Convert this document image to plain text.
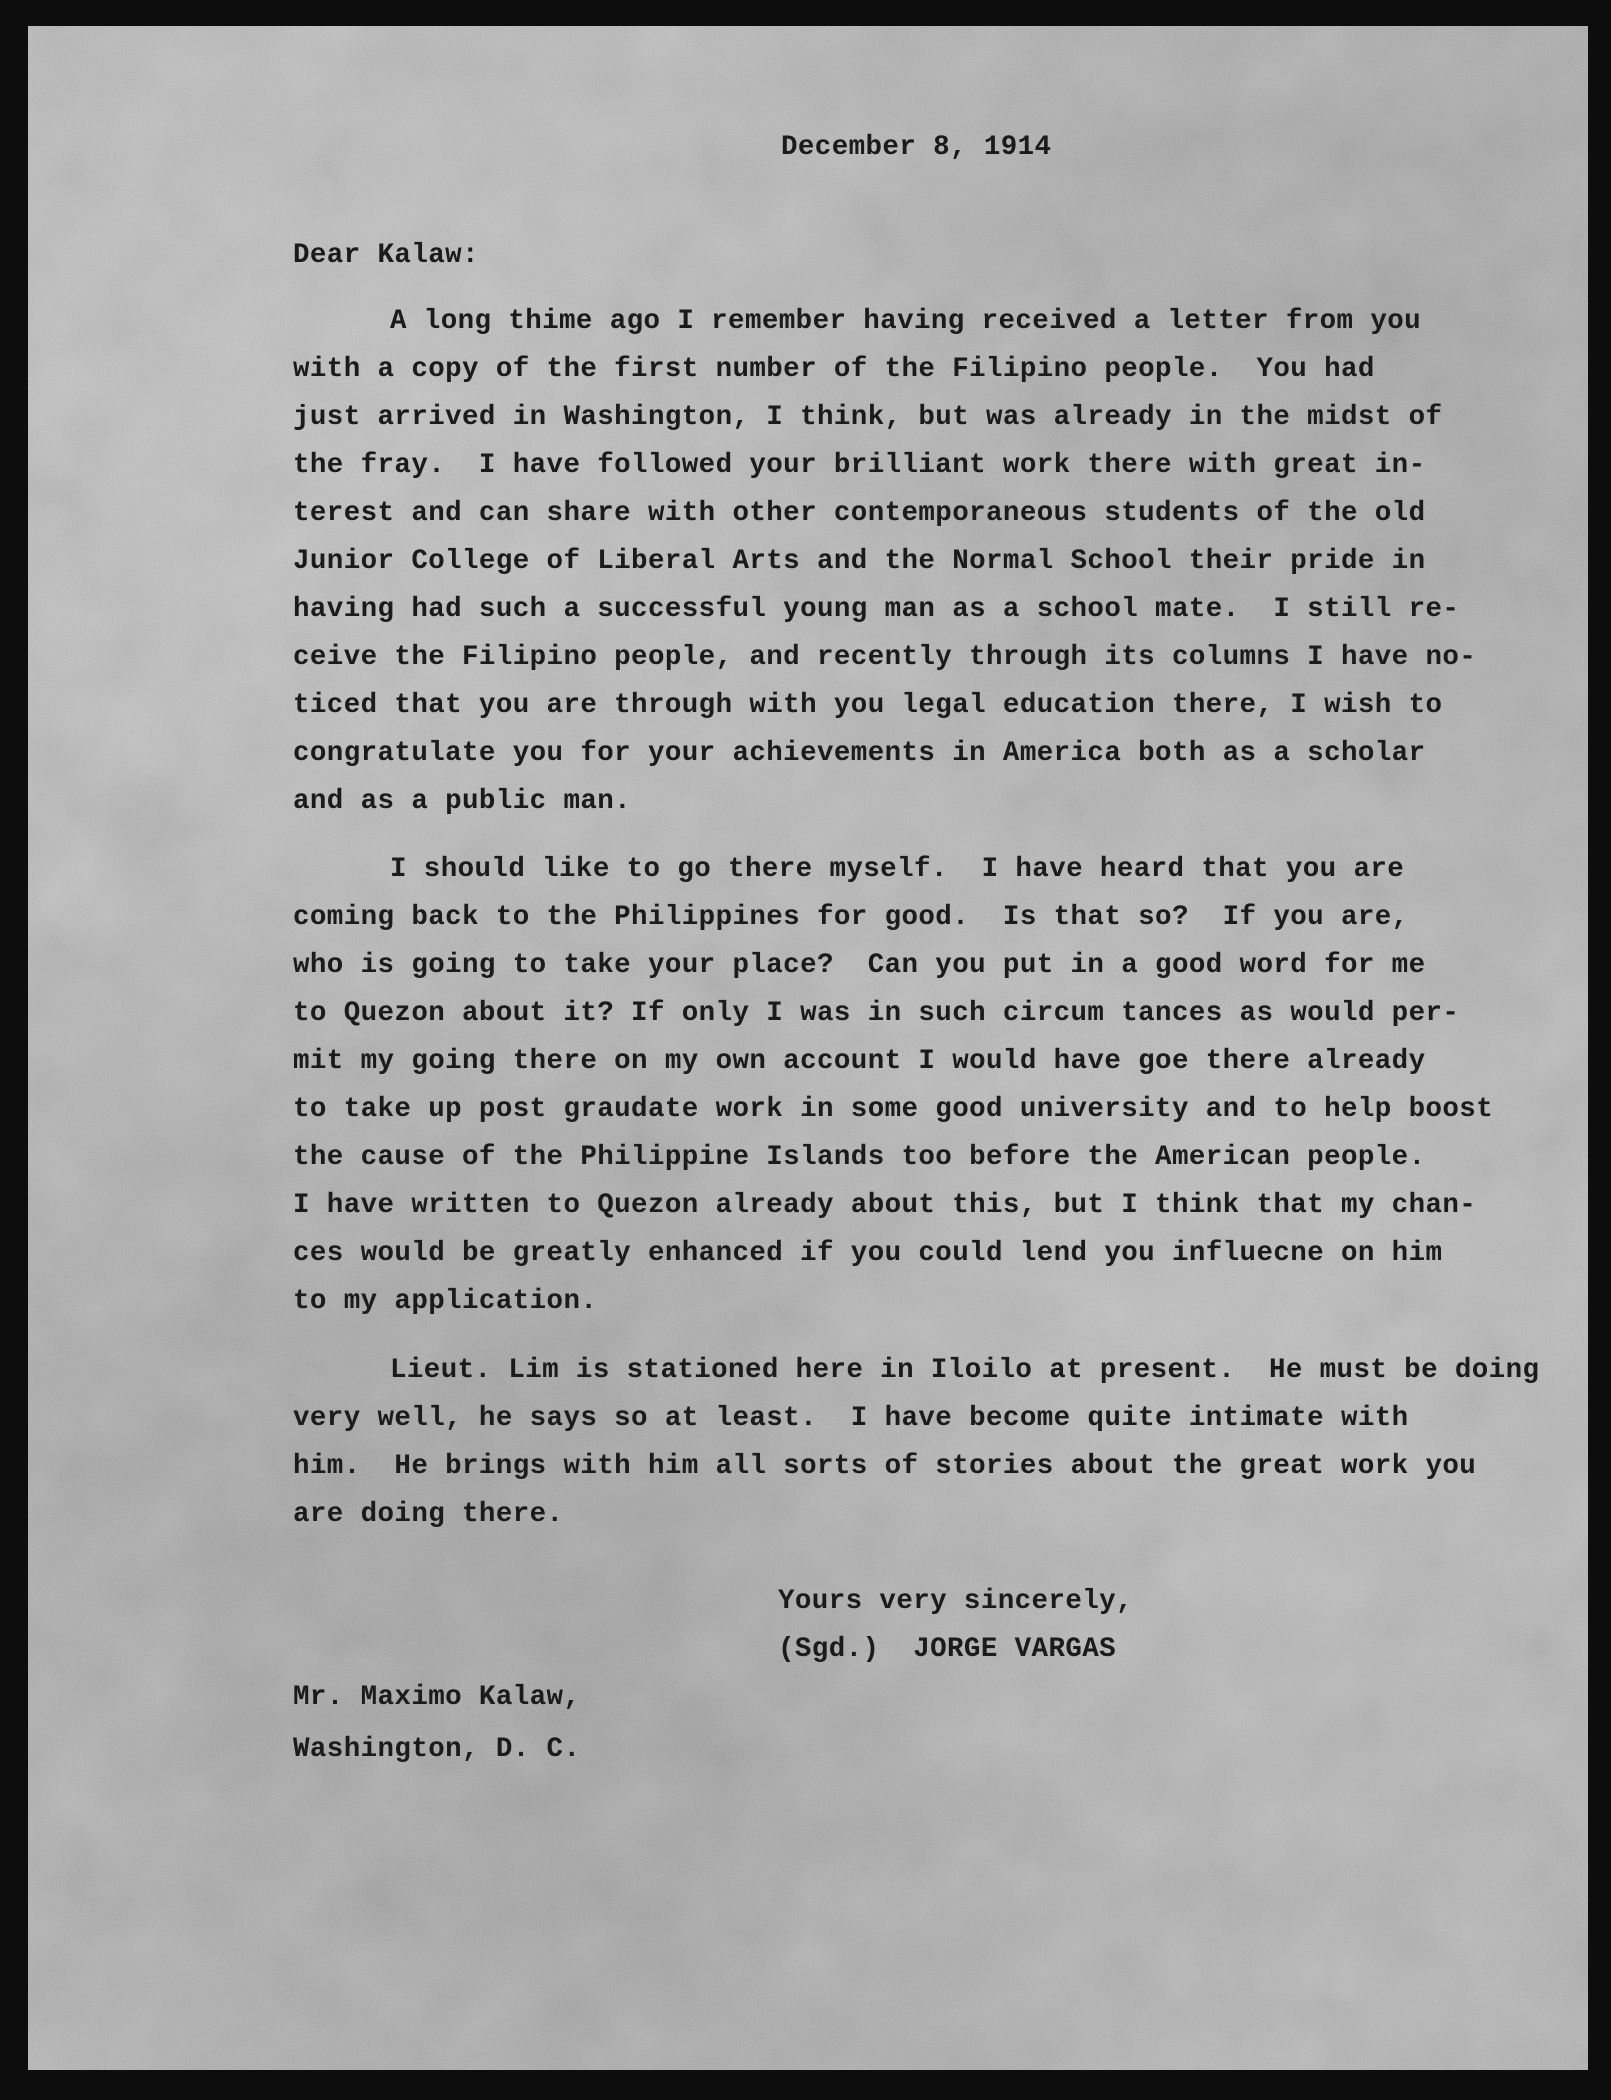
December 8, 1914
Dear Kalaw:
A long thime ago I remember having received a letter from you
with a copy of the first number of the Filipino people.  You had
just arrived in Washington, I think, but was already in the midst of
the fray.  I have followed your brilliant work there with great in-
terest and can share with other contemporaneous students of the old
Junior College of Liberal Arts and the Normal School their pride in
having had such a successful young man as a school mate.  I still re-
ceive the Filipino people, and recently through its columns I have no-
ticed that you are through with you legal education there, I wish to
congratulate you for your achievements in America both as a scholar
and as a public man.
I should like to go there myself.  I have heard that you are
coming back to the Philippines for good.  Is that so?  If you are,
who is going to take your place?  Can you put in a good word for me
to Quezon about it? If only I was in such circum tances as would per-
mit my going there on my own account I would have goe there already
to take up post graudate work in some good university and to help boost
the cause of the Philippine Islands too before the American people.
I have written to Quezon already about this, but I think that my chan-
ces would be greatly enhanced if you could lend you influecne on him
to my application.
Lieut. Lim is stationed here in Iloilo at present.  He must be doing
very well, he says so at least.  I have become quite intimate with
him.  He brings with him all sorts of stories about the great work you
are doing there.
Yours very sincerely,
(Sgd.)  JORGE VARGAS
Mr. Maximo Kalaw,
Washington, D. C.
